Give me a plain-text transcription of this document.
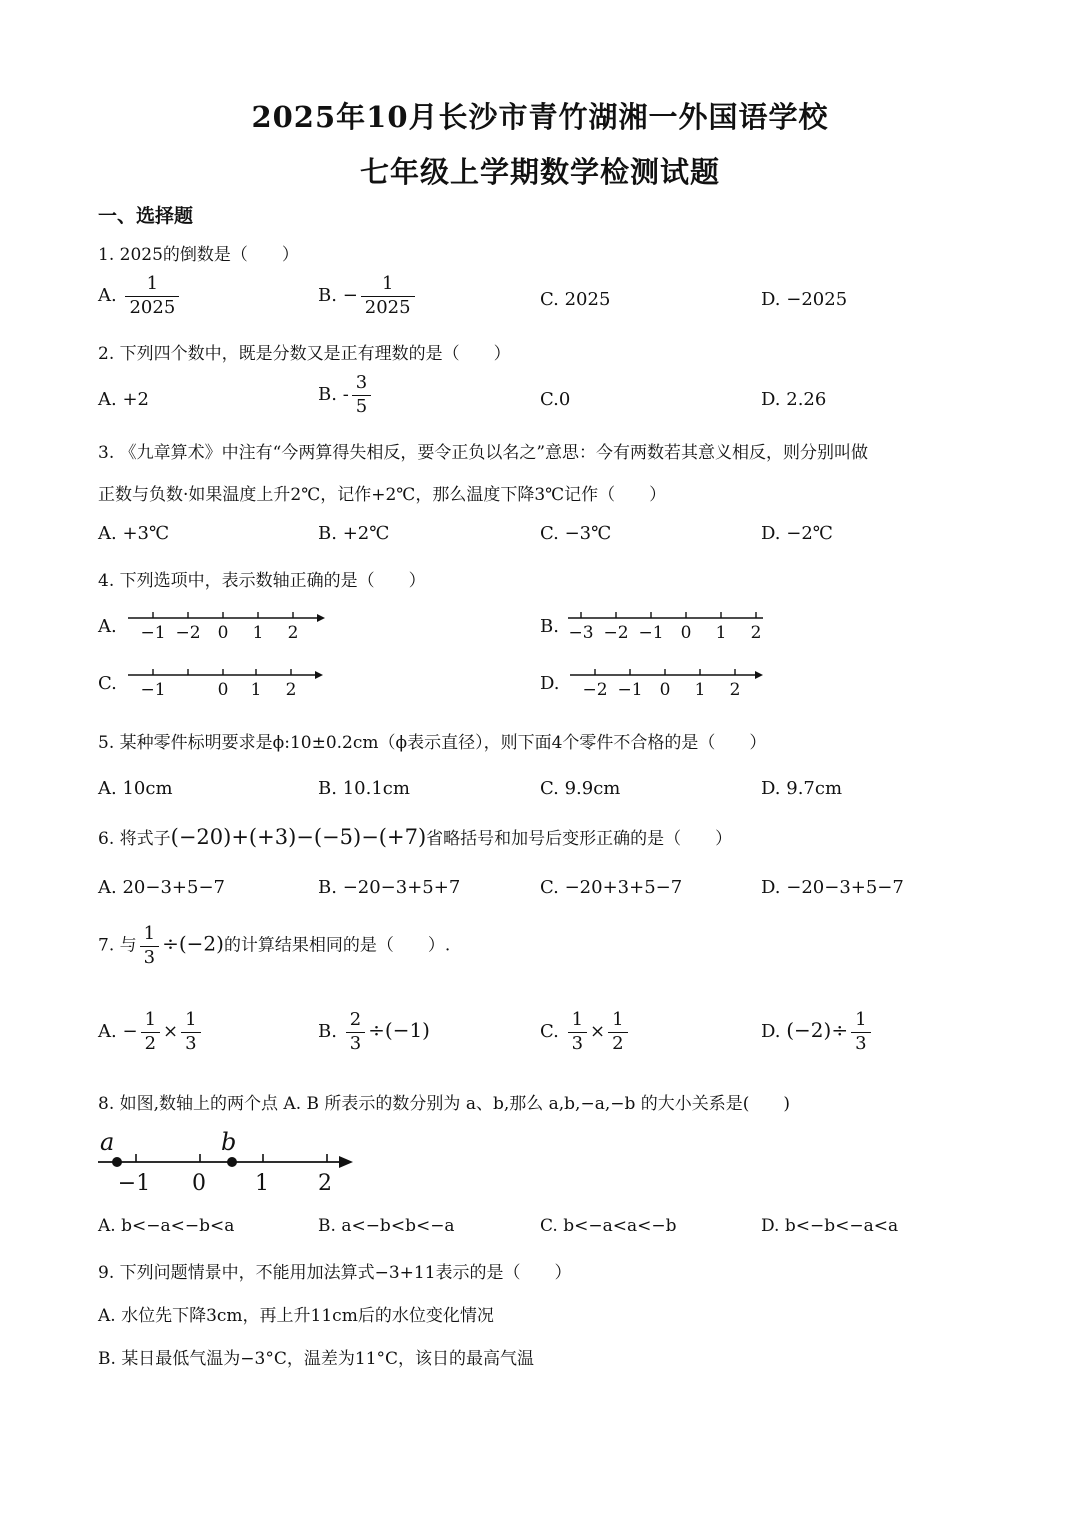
2025年10月长沙市青竹湖湘一外国语学校
七年级上学期数学检测试题
一、选择题
1. 2025的倒数是（　　）
A. $\frac{1}{2025}$	B. − $\frac{1}{2025}$	C. 2025	D. −2025
2. 下列四个数中，既是分数又是正有理数的是（　　）
A. +2	B. - $\frac{3}{5}$	C.0	D. 2.26
3. 《九章算术》中注有“今两算得失相反，要令正负以名之”意思：今有两数若其意义相反，则分别叫做
正数与负数·如果温度上升2℃，记作+2℃，那么温度下降3℃记作（　　）
A. +3℃	B. +2℃	C. −3℃	D. −2℃
4. 下列选项中，表示数轴正确的是（　　）
A. −1 −2 0 1 2	B. −3 −2 −1 0 1 2
C. −1	0 1 2	D. −2 −1 0 1 2
5. 某种零件标明要求是ϕ:10±0.2cm（ϕ表示直径），则下面4个零件不合格的是（　　）
A. 10cm	B. 10.1cm	C. 9.9cm	D. 9.7cm
6. 将式子(−20)+(+3)−(−5)−(+7)省略括号和加号后变形正确的是（　　）
A. 20−3+5−7	B. −20−3+5+7	C. −20+3+5−7	D. −20−3+5−7
7. 与 $\frac{1}{3} \div(-2)$的计算结果相同的是（　　）.
A. − $\frac{1}{2} \times \frac{1}{3}$	B. $\frac{2}{3} \div(-1)$	C. $\frac{1}{3} \times \frac{1}{2}$	D. $(-2)\div \frac{1}{3}$
8. 如图,数轴上的两个点 A. B 所表示的数分别为 a、b,那么 a,b,−a,−b 的大小关系是(　　)
a	b
−1 0 1 2
A. b<−a<−b<a	B. a<−b<b<−a	C. b<−a<a<−b	D. b<−b<−a<a
9. 下列问题情景中，不能用加法算式−3+11表示的是（　　）
A. 水位先下降3cm，再上升11cm后的水位变化情况
B. 某日最低气温为−3°C，温差为11°C，该日的最高气温
